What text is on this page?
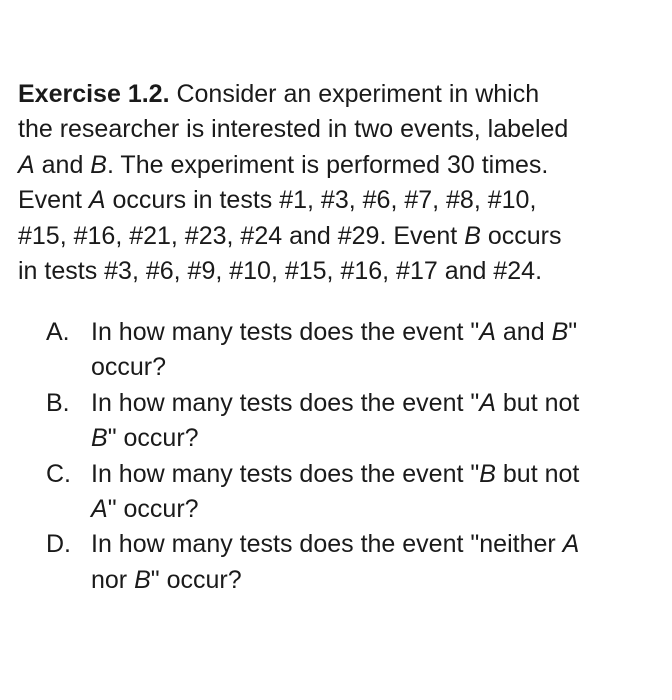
Exercise 1.2. Consider an experiment in which
the researcher is interested in two events, labeled
A and B. The experiment is performed 30 times.
Event A occurs in tests #1, #3, #6, #7, #8, #10,
#15, #16, #21, #23, #24 and #29. Event B occurs
in tests #3, #6, #9, #10, #15, #16, #17 and #24.
A. In how many tests does the event "A and B"
occur?
B. In how many tests does the event "A but not
B" occur?
C. In how many tests does the event "B but not
A" occur?
D. In how many tests does the event "neither A
nor B" occur?
